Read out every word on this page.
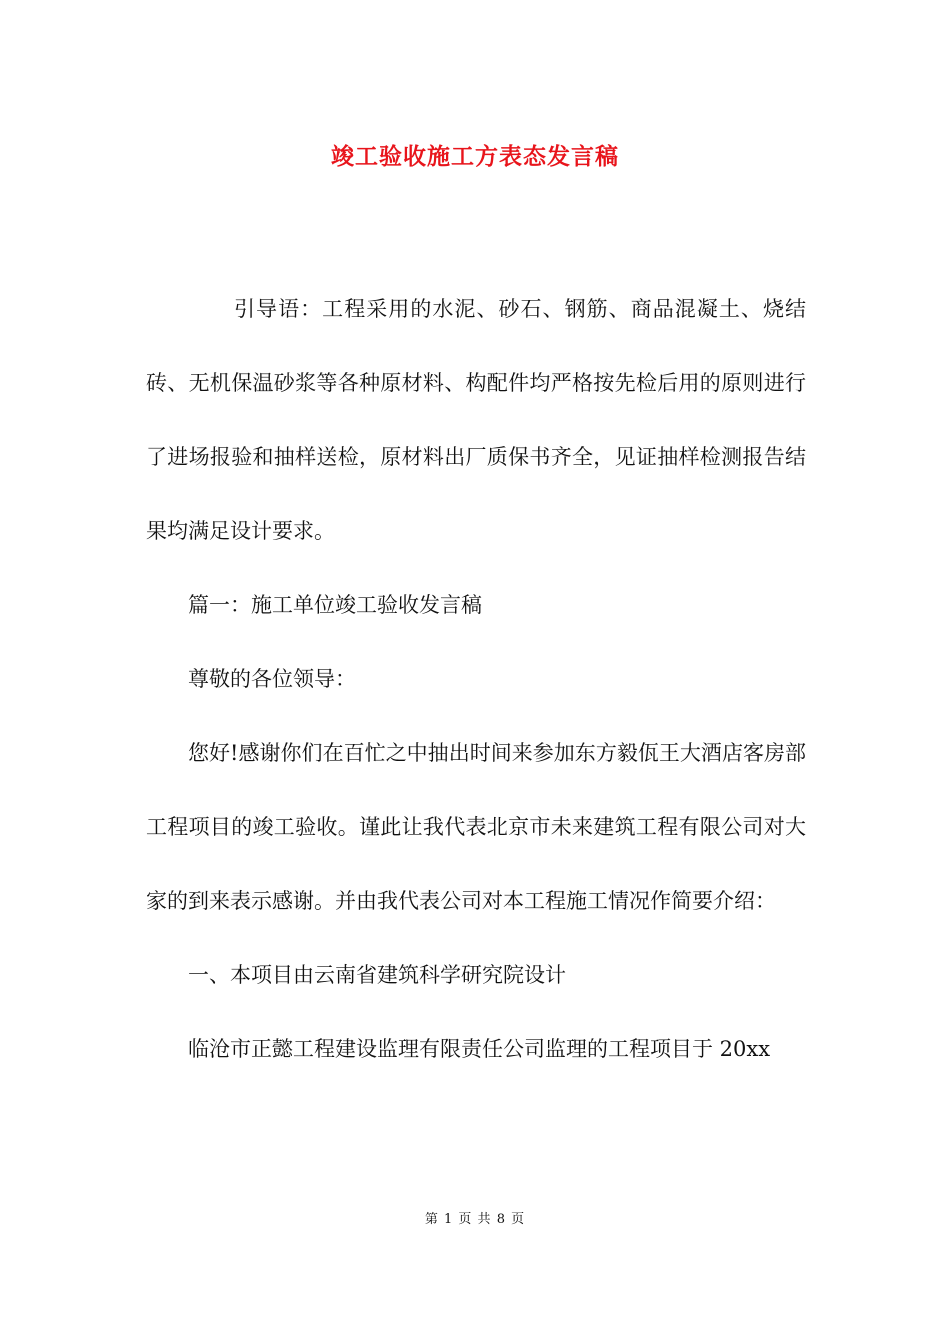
竣工验收施工方表态发言稿

引导语：工程采用的水泥、砂石、钢筋、商品混凝土、烧结砖、无机保温砂浆等各种原材料、构配件均严格按先检后用的原则进行了进场报验和抽样送检，原材料出厂质保书齐全，见证抽样检测报告结果均满足设计要求。

篇一：施工单位竣工验收发言稿

尊敬的各位领导：

您好!感谢你们在百忙之中抽出时间来参加东方毅佤王大酒店客房部工程项目的竣工验收。谨此让我代表北京市未来建筑工程有限公司对大家的到来表示感谢。并由我代表公司对本工程施工情况作简要介绍：

一、本项目由云南省建筑科学研究院设计

临沧市正懿工程建设监理有限责任公司监理的工程项目于 20xx

第 1 页 共 8 页
